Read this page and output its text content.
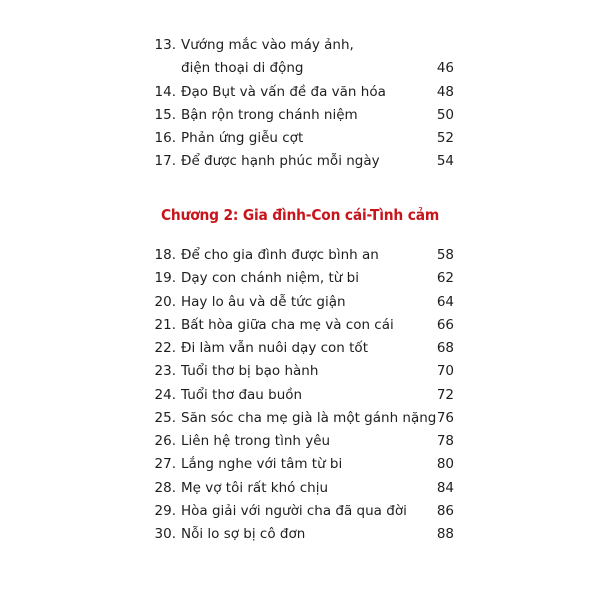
13. Vướng mắc vào máy ảnh,
điện thoại di động	46
14. Đạo Bụt và vấn đề đa văn hóa	48
15. Bận rộn trong chánh niệm	50
16. Phản ứng giễu cợt	52
17. Để được hạnh phúc mỗi ngày	54
Chương 2: Gia đình-Con cái-Tình cảm
18. Để cho gia đình được bình an	58
19. Dạy con chánh niệm, từ bi	62
20. Hay lo âu và dễ tức giận	64
21. Bất hòa giữa cha mẹ và con cái	66
22. Đi làm vẫn nuôi dạy con tốt	68
23. Tuổi thơ bị bạo hành	70
24. Tuổi thơ đau buồn	72
25. Săn sóc cha mẹ già là một gánh nặng 76
26. Liên hệ trong tình yêu	78
27. Lắng nghe với tâm từ bi	80
28. Mẹ vợ tôi rất khó chịu	84
29. Hòa giải với người cha đã qua đời 86
30. Nỗi lo sợ bị cô đơn	88
